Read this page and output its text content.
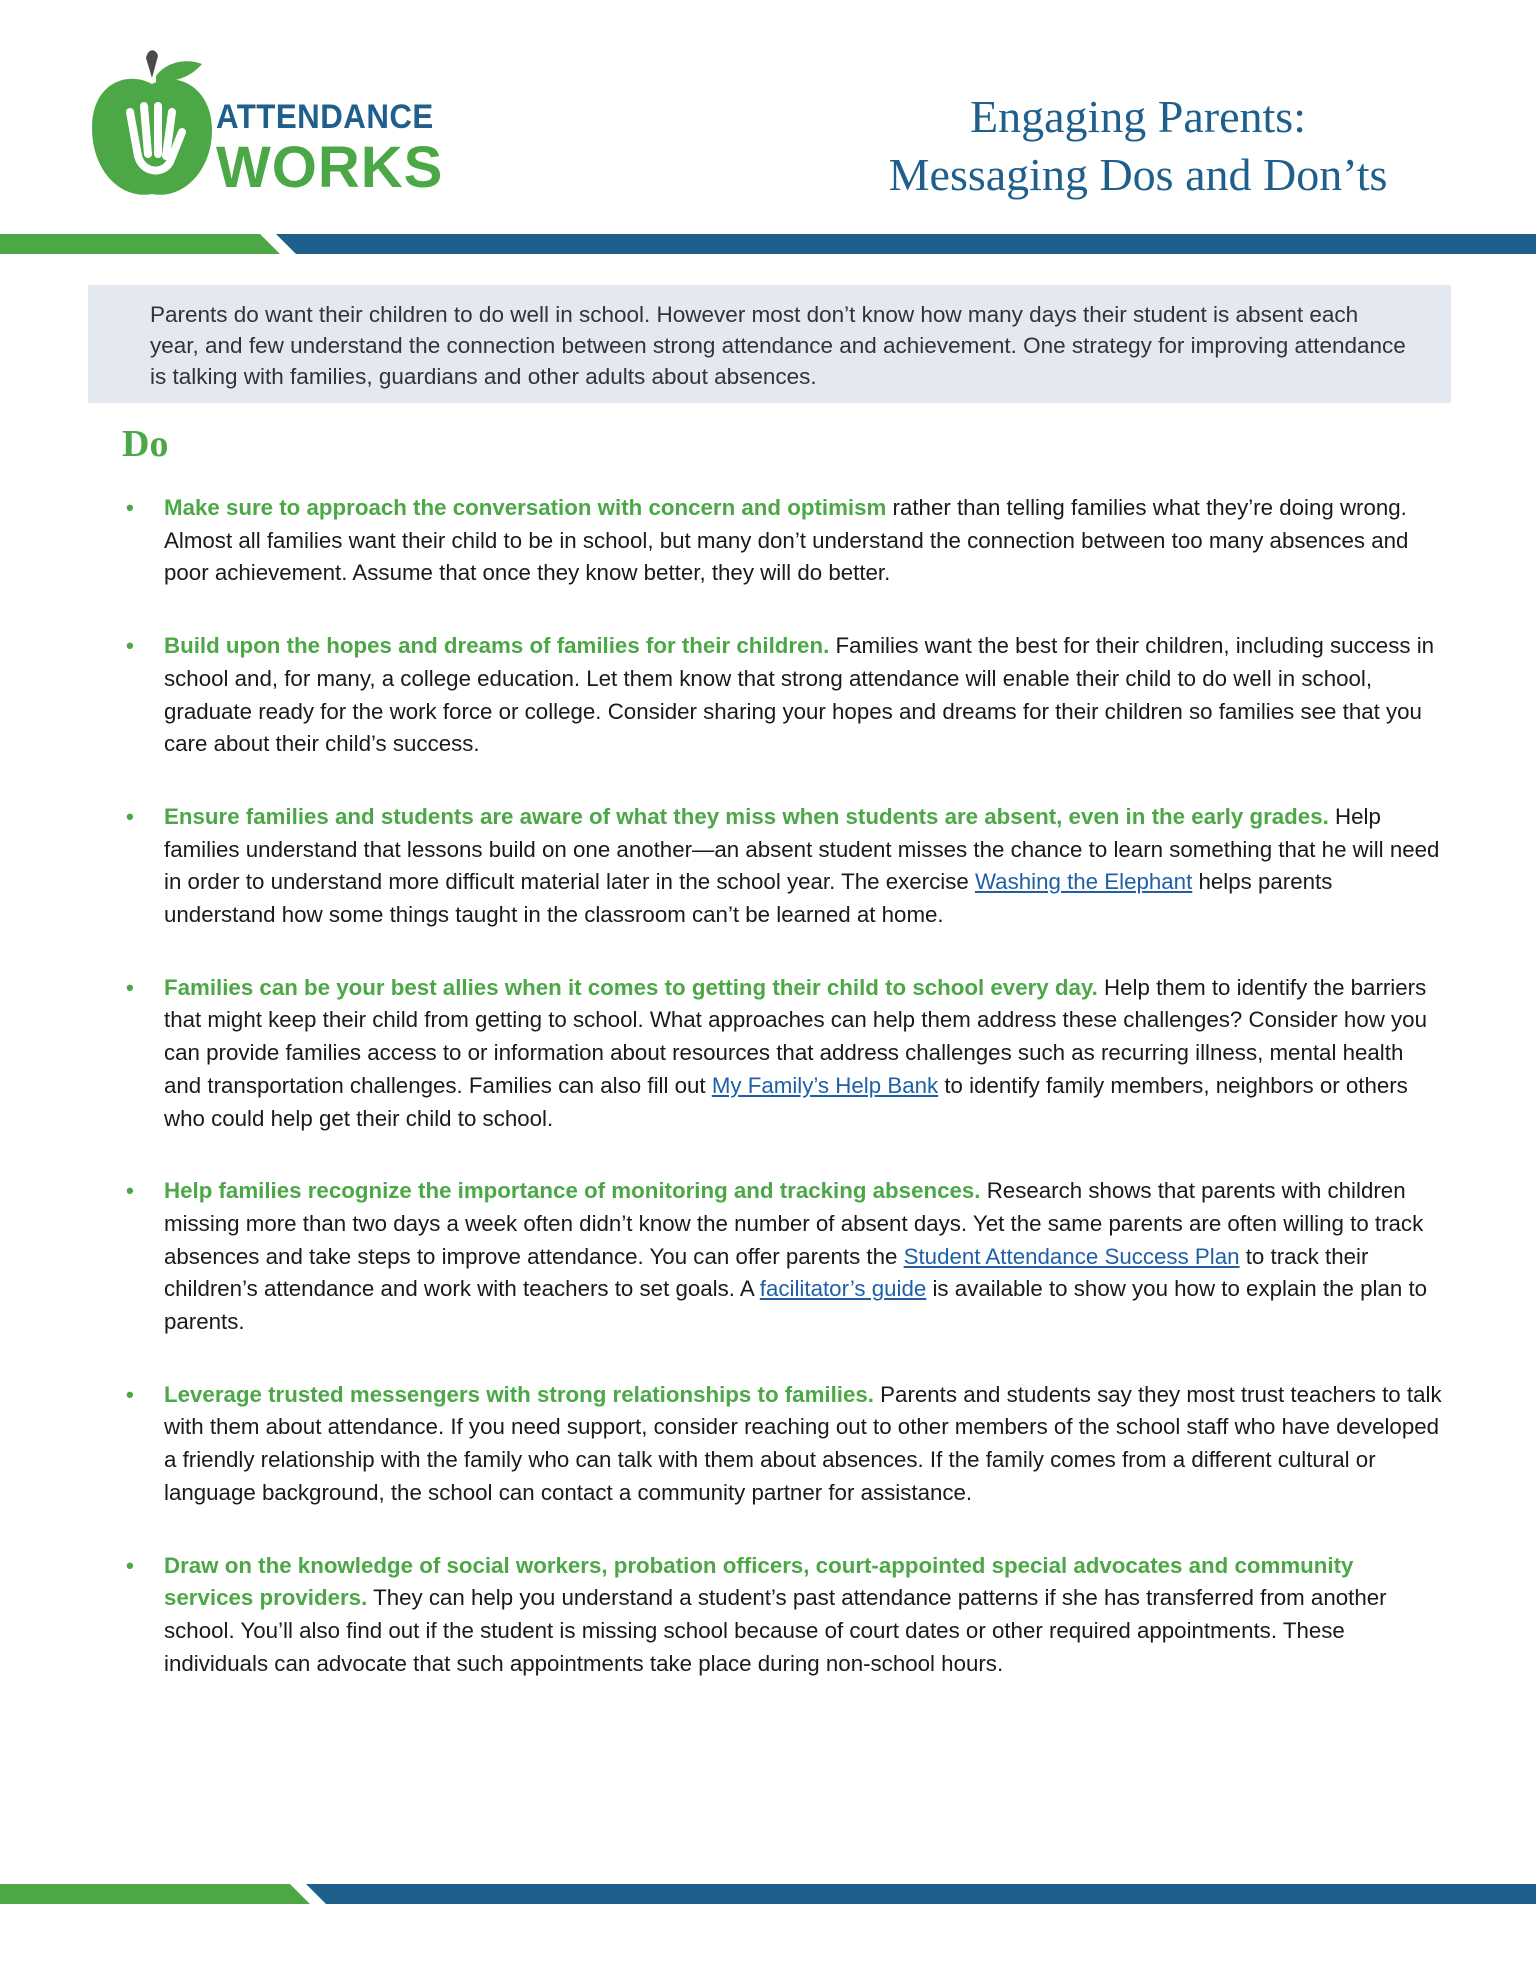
ATTENDANCE
WORKS
Engaging Parents:
Messaging Dos and Don’ts
Parents do want their children to do well in school. However most don’t know how many days their student is absent each year, and few understand the connection between strong attendance and achievement. One strategy for improving attendance is talking with families, guardians and other adults about absences.
Do
• Make sure to approach the conversation with concern and optimism rather than telling families what they’re doing wrong. Almost all families want their child to be in school, but many don’t understand the connection between too many absences and poor achievement. Assume that once they know better, they will do better.
• Build upon the hopes and dreams of families for their children. Families want the best for their children, including success in school and, for many, a college education. Let them know that strong attendance will enable their child to do well in school, graduate ready for the work force or college. Consider sharing your hopes and dreams for their children so families see that you care about their child’s success.
• Ensure families and students are aware of what they miss when students are absent, even in the early grades. Help families understand that lessons build on one another—an absent student misses the chance to learn something that he will need in order to understand more difficult material later in the school year. The exercise Washing the Elephant helps parents understand how some things taught in the classroom can’t be learned at home.
• Families can be your best allies when it comes to getting their child to school every day. Help them to identify the barriers that might keep their child from getting to school. What approaches can help them address these challenges? Consider how you can provide families access to or information about resources that address challenges such as recurring illness, mental health and transportation challenges. Families can also fill out My Family’s Help Bank to identify family members, neighbors or others who could help get their child to school.
• Help families recognize the importance of monitoring and tracking absences. Research shows that parents with children missing more than two days a week often didn’t know the number of absent days. Yet the same parents are often willing to track absences and take steps to improve attendance. You can offer parents the Student Attendance Success Plan to track their children’s attendance and work with teachers to set goals. A facilitator’s guide is available to show you how to explain the plan to parents.
• Leverage trusted messengers with strong relationships to families. Parents and students say they most trust teachers to talk with them about attendance. If you need support, consider reaching out to other members of the school staff who have developed a friendly relationship with the family who can talk with them about absences. If the family comes from a different cultural or language background, the school can contact a community partner for assistance.
• Draw on the knowledge of social workers, probation officers, court-appointed special advocates and community services providers. They can help you understand a student’s past attendance patterns if she has transferred from another school. You’ll also find out if the student is missing school because of court dates or other required appointments. These individuals can advocate that such appointments take place during non-school hours.
